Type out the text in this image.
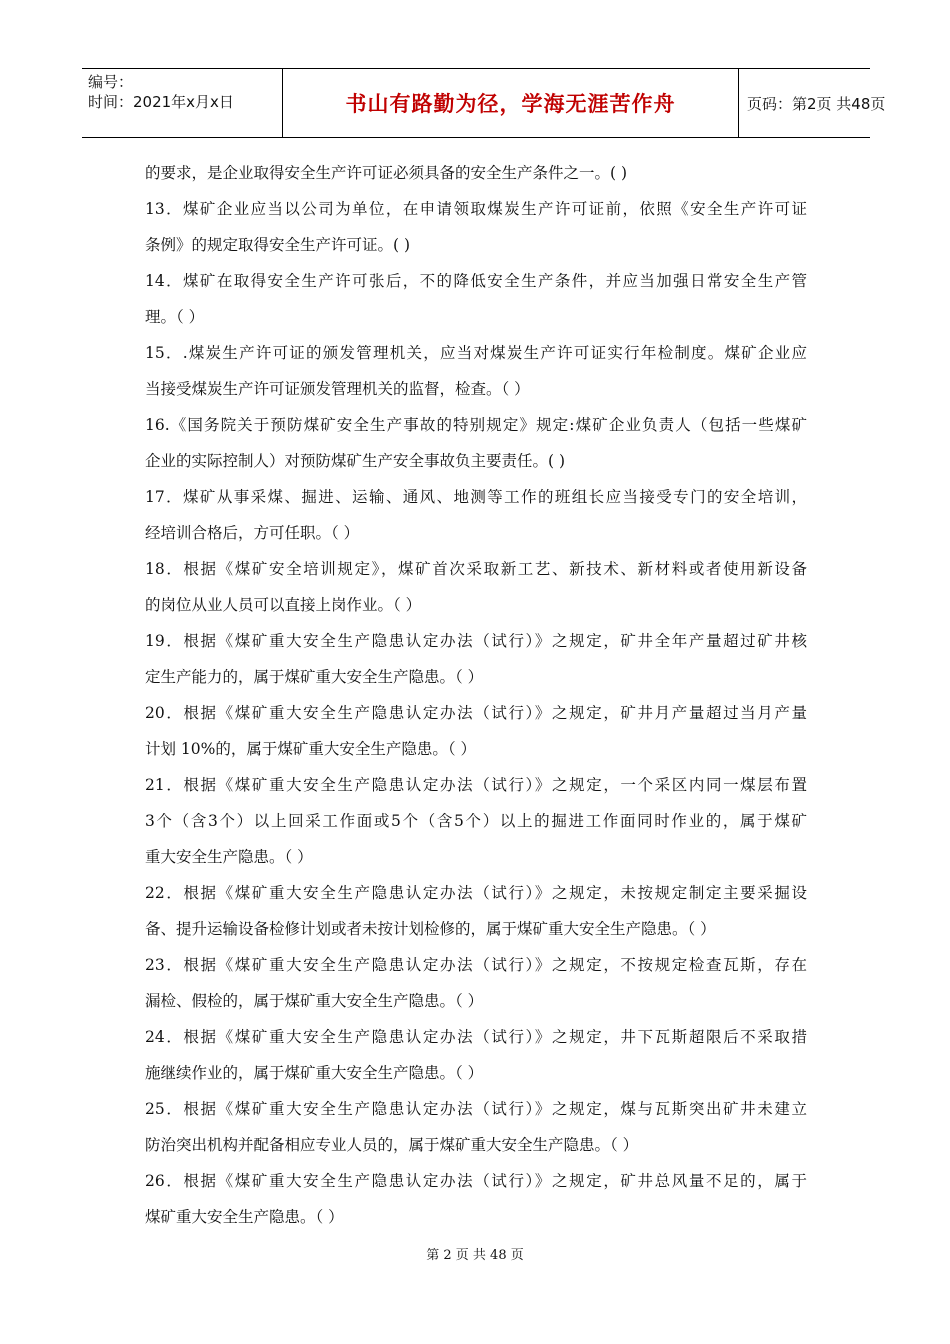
编号：
时间：2021年x月x日	书山有路勤为径，学海无涯苦作舟	页码：第2页 共48页
的要求，是企业取得安全生产许可证必须具备的安全生产条件之一。( )
13．煤矿企业应当以公司为单位，在申请领取煤炭生产许可证前，依照《安全生产许可证
条例》的规定取得安全生产许可证。( )
14．煤矿在取得安全生产许可张后，不的降低安全生产条件，并应当加强日常安全生产管
理。（ ）
15．.煤炭生产许可证的颁发管理机关，应当对煤炭生产许可证实行年检制度。煤矿企业应
当接受煤炭生产许可证颁发管理机关的监督，检查。（ ）
16.《国务院关于预防煤矿安全生产事故的特别规定》规定:煤矿企业负责人（包括一些煤矿
企业的实际控制人）对预防煤矿生产安全事故负主要责任。( )
17．煤矿从事采煤、掘进、运输、通风、地测等工作的班组长应当接受专门的安全培训，
经培训合格后，方可任职。（ ）
18．根据《煤矿安全培训规定》，煤矿首次采取新工艺、新技术、新材料或者使用新设备
的岗位从业人员可以直接上岗作业。（ ）
19．根据《煤矿重大安全生产隐患认定办法（试行）》之规定，矿井全年产量超过矿井核
定生产能力的，属于煤矿重大安全生产隐患。（ ）
20．根据《煤矿重大安全生产隐患认定办法（试行）》之规定，矿井月产量超过当月产量
计划 10%的，属于煤矿重大安全生产隐患。（ ）
21．根据《煤矿重大安全生产隐患认定办法（试行）》之规定，一个采区内同一煤层布置
3个（含3个）以上回采工作面或5个（含5个）以上的掘进工作面同时作业的，属于煤矿
重大安全生产隐患。（ ）
22．根据《煤矿重大安全生产隐患认定办法（试行）》之规定，未按规定制定主要采掘设
备、提升运输设备检修计划或者未按计划检修的，属于煤矿重大安全生产隐患。（ ）
23．根据《煤矿重大安全生产隐患认定办法（试行）》之规定，不按规定检查瓦斯，存在
漏检、假检的，属于煤矿重大安全生产隐患。（ ）
24．根据《煤矿重大安全生产隐患认定办法（试行）》之规定，井下瓦斯超限后不采取措
施继续作业的，属于煤矿重大安全生产隐患。（ ）
25．根据《煤矿重大安全生产隐患认定办法（试行）》之规定，煤与瓦斯突出矿井未建立
防治突出机构并配备相应专业人员的，属于煤矿重大安全生产隐患。（ ）
26．根据《煤矿重大安全生产隐患认定办法（试行）》之规定，矿井总风量不足的，属于
煤矿重大安全生产隐患。（ ）
第 2 页 共 48 页
